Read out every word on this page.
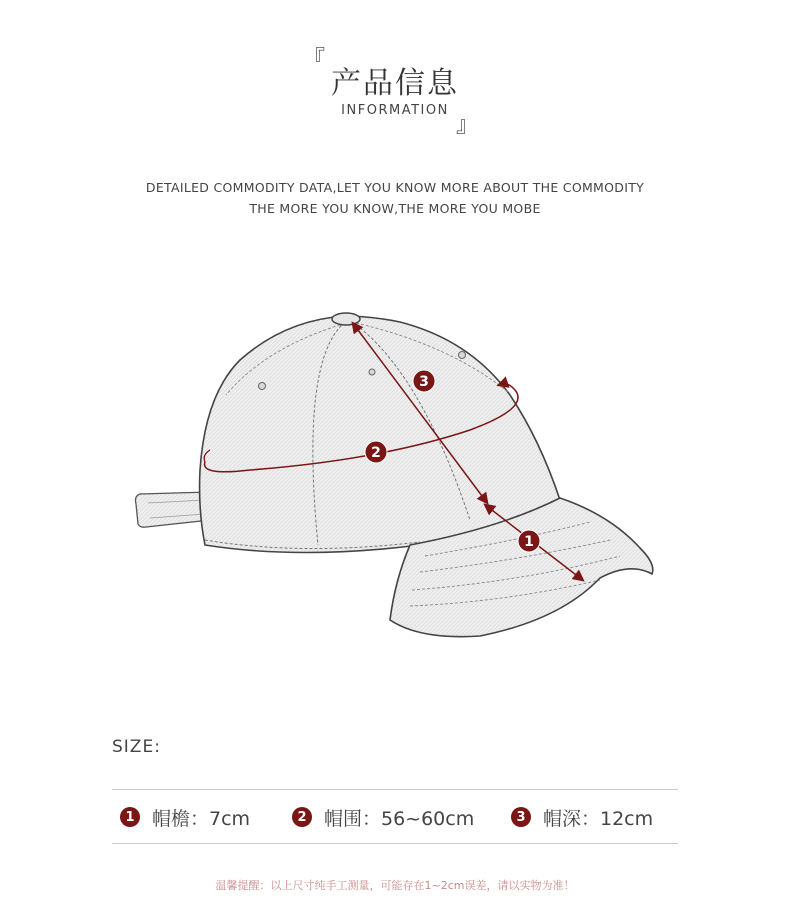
『
产品信息
INFORMATION
』
DETAILED COMMODITY DATA,LET YOU KNOW MORE ABOUT THE COMMODITY
THE MORE YOU KNOW,THE MORE YOU MOBE
3
2
1
SIZE:
1 帽檐：7cm	2 帽围：56~60cm	3 帽深：12cm
温馨提醒：以上尺寸纯手工测量，可能存在1~2cm误差，请以实物为准！
